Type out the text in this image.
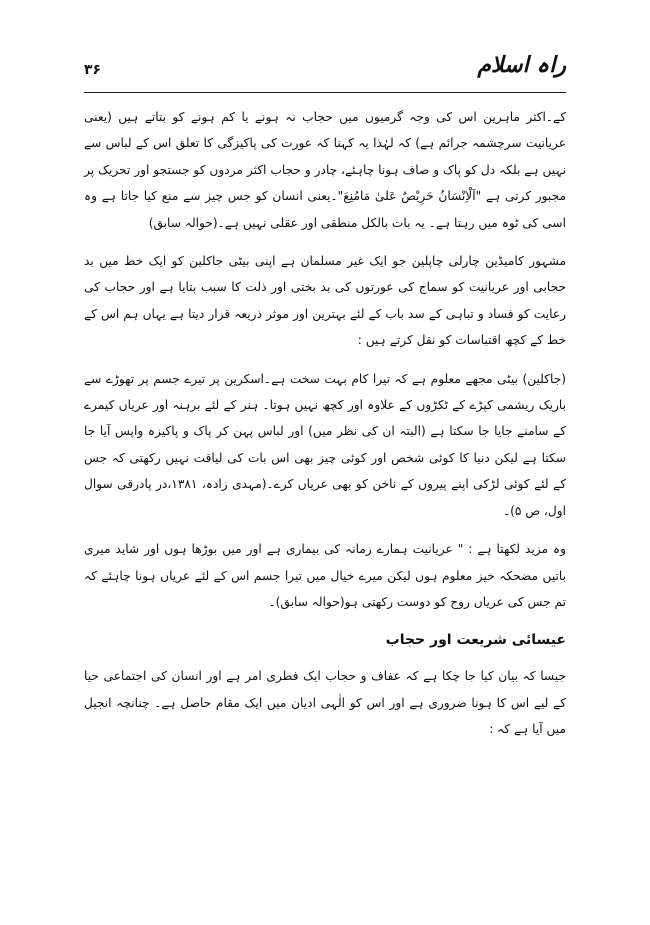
۳۶	راہ اسلام

کے۔اکثر ماہرین اس کی وجہ گرمیوں میں حجاب نہ ہونے یا کم ہونے کو بتاتے ہیں (یعنی عریانیت سرچشمہ جرائم ہے) کہ لہٰذا یہ کہنا کہ عورت کی پاکیزگی کا تعلق اس کے لباس سے نہیں ہے بلکہ دل کو پاک و صاف ہونا چاہئے، چادر و حجاب اکثر مردوں کو جستجو اور تحریک پر مجبور کرتی ہے "اَلْاِنْسَانُ حَرِیْصٌ عَلیٰ مَامُنِعَ"۔یعنی انسان کو جس چیز سے منع کیا جاتا ہے وہ اسی کی ٹوہ میں رہتا ہے۔ یہ بات بالکل منطقی اور عقلی نہیں ہے۔(حوالہ سابق)

مشہور کامیڈین چارلی چاپلین جو ایک غیر مسلمان ہے اپنی بیٹی جاکلین کو ایک خط میں بد حجابی اور عریانیت کو سماج کی عورتوں کی بد بختی اور ذلت کا سبب بتایا ہے اور حجاب کی رعایت کو فساد و تباہی کے سد باب کے لئے بہترین اور موثر ذریعہ قرار دیتا ہے یہاں ہم اس کے خط کے کچھ اقتباسات کو نقل کرتے ہیں :

(جاکلین) بیٹی مجھے معلوم ہے کہ تیرا کام بہت سخت ہے۔اسکرین پر تیرے جسم پر تھوڑے سے باریک ریشمی کپڑے کے ٹکڑوں کے علاوہ اور کچھ نہیں ہوتا۔ ہنر کے لئے برہنہ اور عریاں کیمرے کے سامنے جایا جا سکتا ہے (البتہ ان کی نظر میں) اور لباس پہن کر پاک و پاکیزہ واپس آیا جا سکتا ہے لیکن دنیا کا کوئی شخص اور کوئی چیز بھی اس بات کی لیاقت نہیں رکھتی کہ جس کے لئے کوئی لڑکی اپنے پیروں کے ناخن کو بھی عریاں کرے۔(مہدی زادہ، ۱۳۸۱،در پادرقی سوال اول، ص ۵)۔

وہ مزید لکھتا ہے : " عریانیت ہمارے زمانہ کی بیماری ہے اور میں بوڑھا ہوں اور شاید میری باتیں مضحکہ خیز معلوم ہوں لیکن میرے خیال میں تیرا جسم اس کے لئے عریاں ہونا چاہئے کہ تم جس کی عریاں روح کو دوست رکھتی ہو(حوالہ سابق)۔

عیسائی شریعت اور حجاب

جیسا کہ بیان کیا جا چکا ہے کہ عفاف و حجاب ایک فطری امر ہے اور انسان کی اجتماعی حیا کے لیے اس کا ہونا ضروری ہے اور اس کو الٰہی ادیان میں ایک مقام حاصل ہے۔ چنانچہ انجیل میں آیا ہے کہ :
